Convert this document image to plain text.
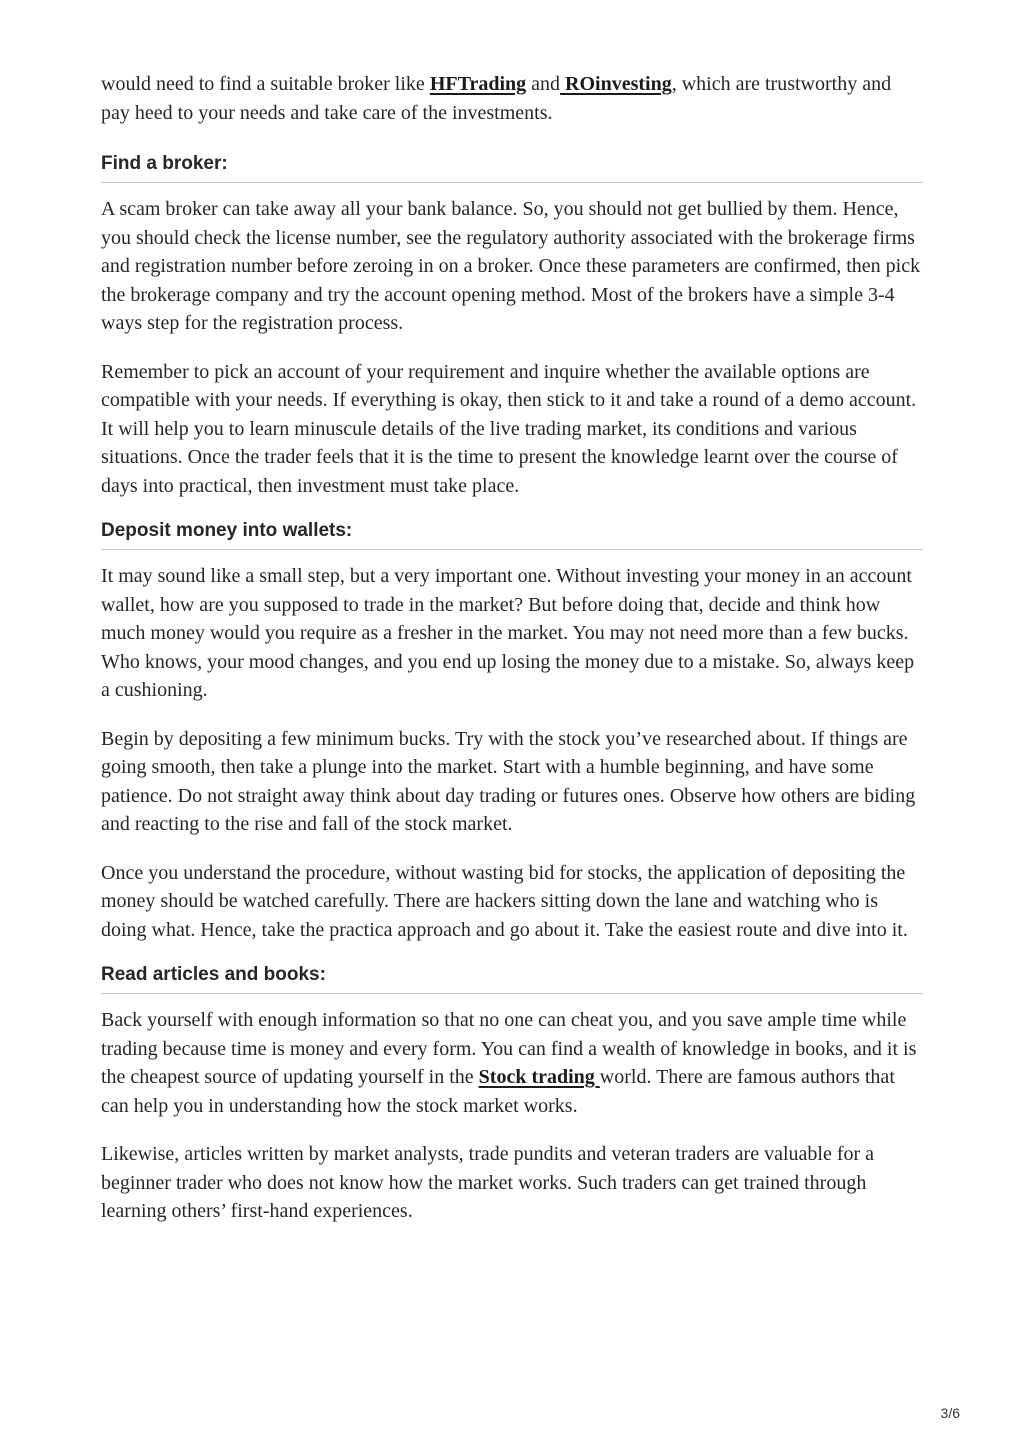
would need to find a suitable broker like HFTrading and ROinvesting, which are trustworthy and pay heed to your needs and take care of the investments.

Find a broker:

A scam broker can take away all your bank balance. So, you should not get bullied by them. Hence, you should check the license number, see the regulatory authority associated with the brokerage firms and registration number before zeroing in on a broker. Once these parameters are confirmed, then pick the brokerage company and try the account opening method. Most of the brokers have a simple 3-4 ways step for the registration process.

Remember to pick an account of your requirement and inquire whether the available options are compatible with your needs. If everything is okay, then stick to it and take a round of a demo account. It will help you to learn minuscule details of the live trading market, its conditions and various situations. Once the trader feels that it is the time to present the knowledge learnt over the course of days into practical, then investment must take place.

Deposit money into wallets:

It may sound like a small step, but a very important one. Without investing your money in an account wallet, how are you supposed to trade in the market? But before doing that, decide and think how much money would you require as a fresher in the market. You may not need more than a few bucks. Who knows, your mood changes, and you end up losing the money due to a mistake. So, always keep a cushioning.

Begin by depositing a few minimum bucks. Try with the stock you’ve researched about. If things are going smooth, then take a plunge into the market. Start with a humble beginning, and have some patience. Do not straight away think about day trading or futures ones. Observe how others are biding and reacting to the rise and fall of the stock market.

Once you understand the procedure, without wasting bid for stocks, the application of depositing the money should be watched carefully. There are hackers sitting down the lane and watching who is doing what. Hence, take the practica approach and go about it. Take the easiest route and dive into it.

Read articles and books:

Back yourself with enough information so that no one can cheat you, and you save ample time while trading because time is money and every form. You can find a wealth of knowledge in books, and it is the cheapest source of updating yourself in the Stock trading world. There are famous authors that can help you in understanding how the stock market works.

Likewise, articles written by market analysts, trade pundits and veteran traders are valuable for a beginner trader who does not know how the market works. Such traders can get trained through learning others’ first-hand experiences.

3/6
